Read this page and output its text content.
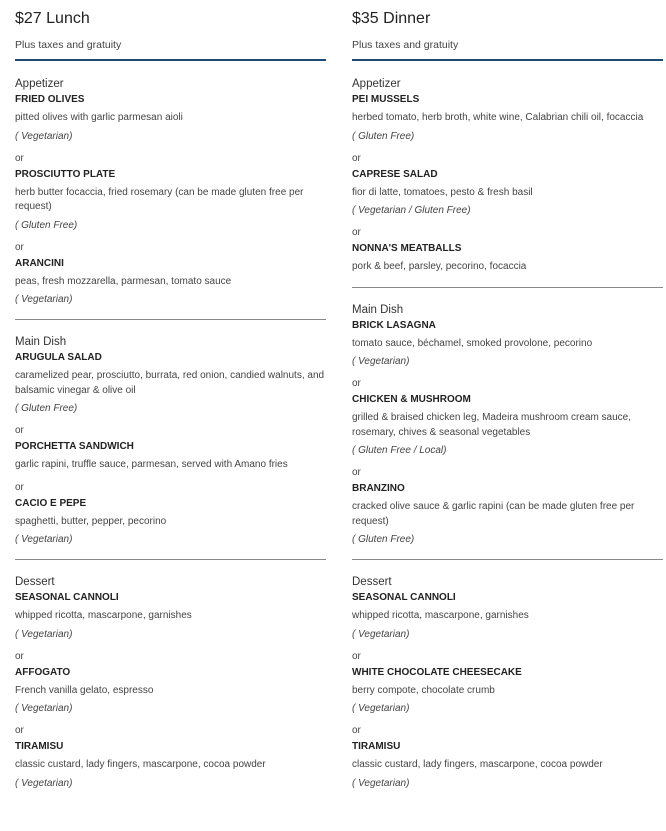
$27 Lunch
Plus taxes and gratuity
Appetizer
FRIED OLIVES
pitted olives with garlic parmesan aioli
( Vegetarian)
or
PROSCIUTTO PLATE
herb butter focaccia, fried rosemary (can be made gluten free per request)
( Gluten Free)
or
ARANCINI
peas, fresh mozzarella, parmesan, tomato sauce
( Vegetarian)
Main Dish
ARUGULA SALAD
caramelized pear, prosciutto, burrata, red onion, candied walnuts, and balsamic vinegar & olive oil
( Gluten Free)
or
PORCHETTA SANDWICH
garlic rapini, truffle sauce, parmesan, served with Amano fries
or
CACIO E PEPE
spaghetti, butter, pepper, pecorino
( Vegetarian)
Dessert
SEASONAL CANNOLI
whipped ricotta, mascarpone, garnishes
( Vegetarian)
or
AFFOGATO
French vanilla gelato, espresso
( Vegetarian)
or
TIRAMISU
classic custard, lady fingers, mascarpone, cocoa powder
( Vegetarian)
$35 Dinner
Plus taxes and gratuity
Appetizer
PEI MUSSELS
herbed tomato, herb broth, white wine, Calabrian chili oil, focaccia
( Gluten Free)
or
CAPRESE SALAD
fior di latte, tomatoes, pesto & fresh basil
( Vegetarian / Gluten Free)
or
NONNA'S MEATBALLS
pork & beef, parsley, pecorino, focaccia
Main Dish
BRICK LASAGNA
tomato sauce, béchamel, smoked provolone, pecorino
( Vegetarian)
or
CHICKEN & MUSHROOM
grilled & braised chicken leg, Madeira mushroom cream sauce, rosemary, chives & seasonal vegetables
( Gluten Free / Local)
or
BRANZINO
cracked olive sauce & garlic rapini (can be made gluten free per request)
( Gluten Free)
Dessert
SEASONAL CANNOLI
whipped ricotta, mascarpone, garnishes
( Vegetarian)
or
WHITE CHOCOLATE CHEESECAKE
berry compote, chocolate crumb
( Vegetarian)
or
TIRAMISU
classic custard, lady fingers, mascarpone, cocoa powder
( Vegetarian)
